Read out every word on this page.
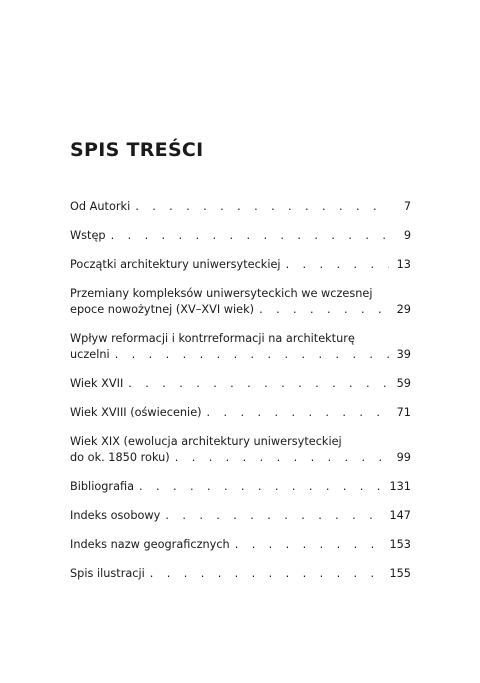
SPIS TREŚCI
Od Autorki . . .	7
Wstęp . . .	9
Początki architektury uniwersyteckiej . . .	13
Przemiany kompleksów uniwersyteckich we wczesnej
epoce nowożytnej (XV–XVI wiek) . . .	29
Wpływ reformacji i kontrreformacji na architekturę
uczelni . . .	39
Wiek XVII . . .	59
Wiek XVIII (oświecenie) . . .	71
Wiek XIX (ewolucja architektury uniwersyteckiej
do ok. 1850 roku) . . .	99
Bibliografia . . .	131
Indeks osobowy . . .	147
Indeks nazw geograficznych . . .	153
Spis ilustracji . . .	155
